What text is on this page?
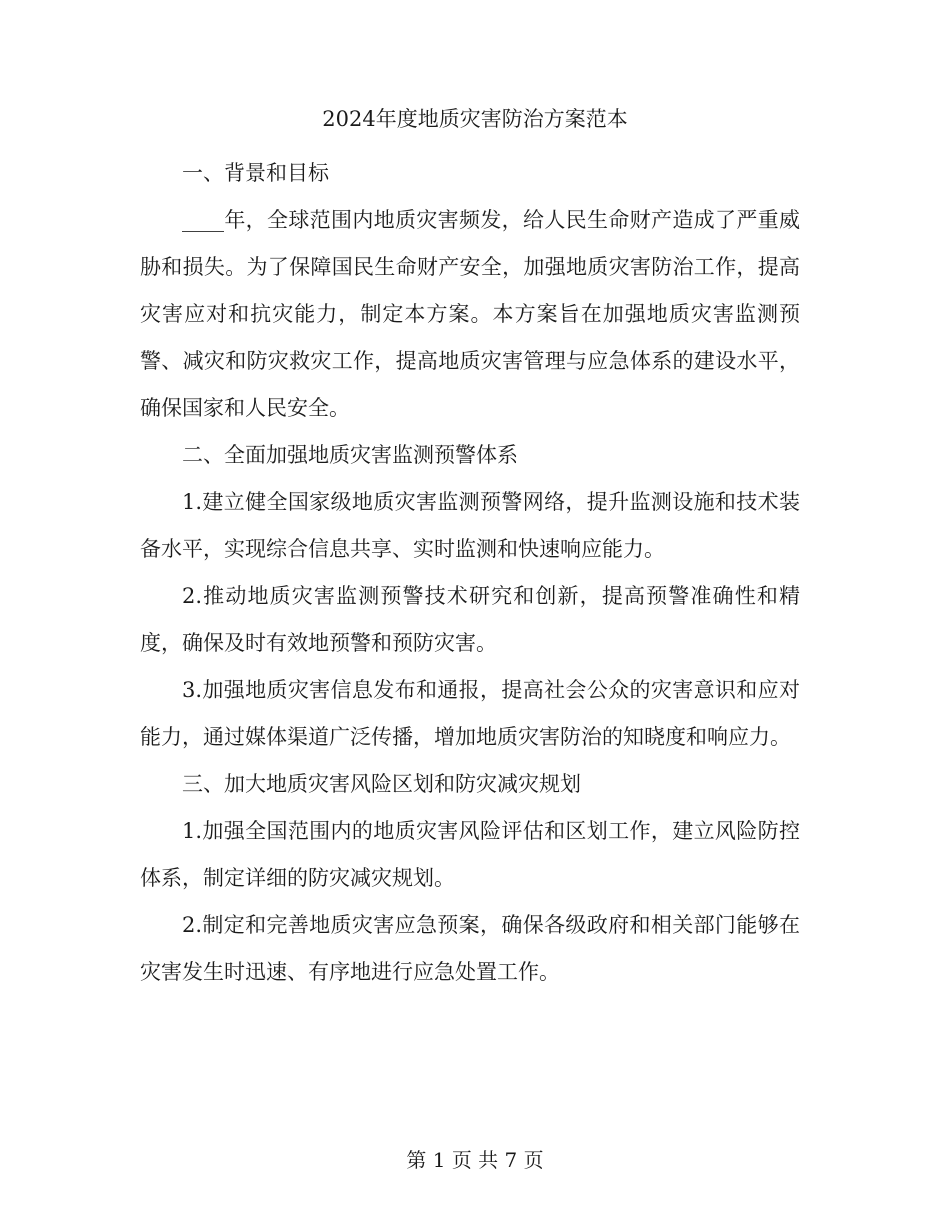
2024年度地质灾害防治方案范本

一、背景和目标

____年，全球范围内地质灾害频发，给人民生命财产造成了严重威胁和损失。为了保障国民生命财产安全，加强地质灾害防治工作，提高灾害应对和抗灾能力，制定本方案。本方案旨在加强地质灾害监测预警、减灾和防灾救灾工作，提高地质灾害管理与应急体系的建设水平，确保国家和人民安全。

二、全面加强地质灾害监测预警体系

1.建立健全国家级地质灾害监测预警网络，提升监测设施和技术装备水平，实现综合信息共享、实时监测和快速响应能力。

2.推动地质灾害监测预警技术研究和创新，提高预警准确性和精度，确保及时有效地预警和预防灾害。

3.加强地质灾害信息发布和通报，提高社会公众的灾害意识和应对能力，通过媒体渠道广泛传播，增加地质灾害防治的知晓度和响应力。

三、加大地质灾害风险区划和防灾减灾规划

1.加强全国范围内的地质灾害风险评估和区划工作，建立风险防控体系，制定详细的防灾减灾规划。

2.制定和完善地质灾害应急预案，确保各级政府和相关部门能够在灾害发生时迅速、有序地进行应急处置工作。

第 1 页 共 7 页
